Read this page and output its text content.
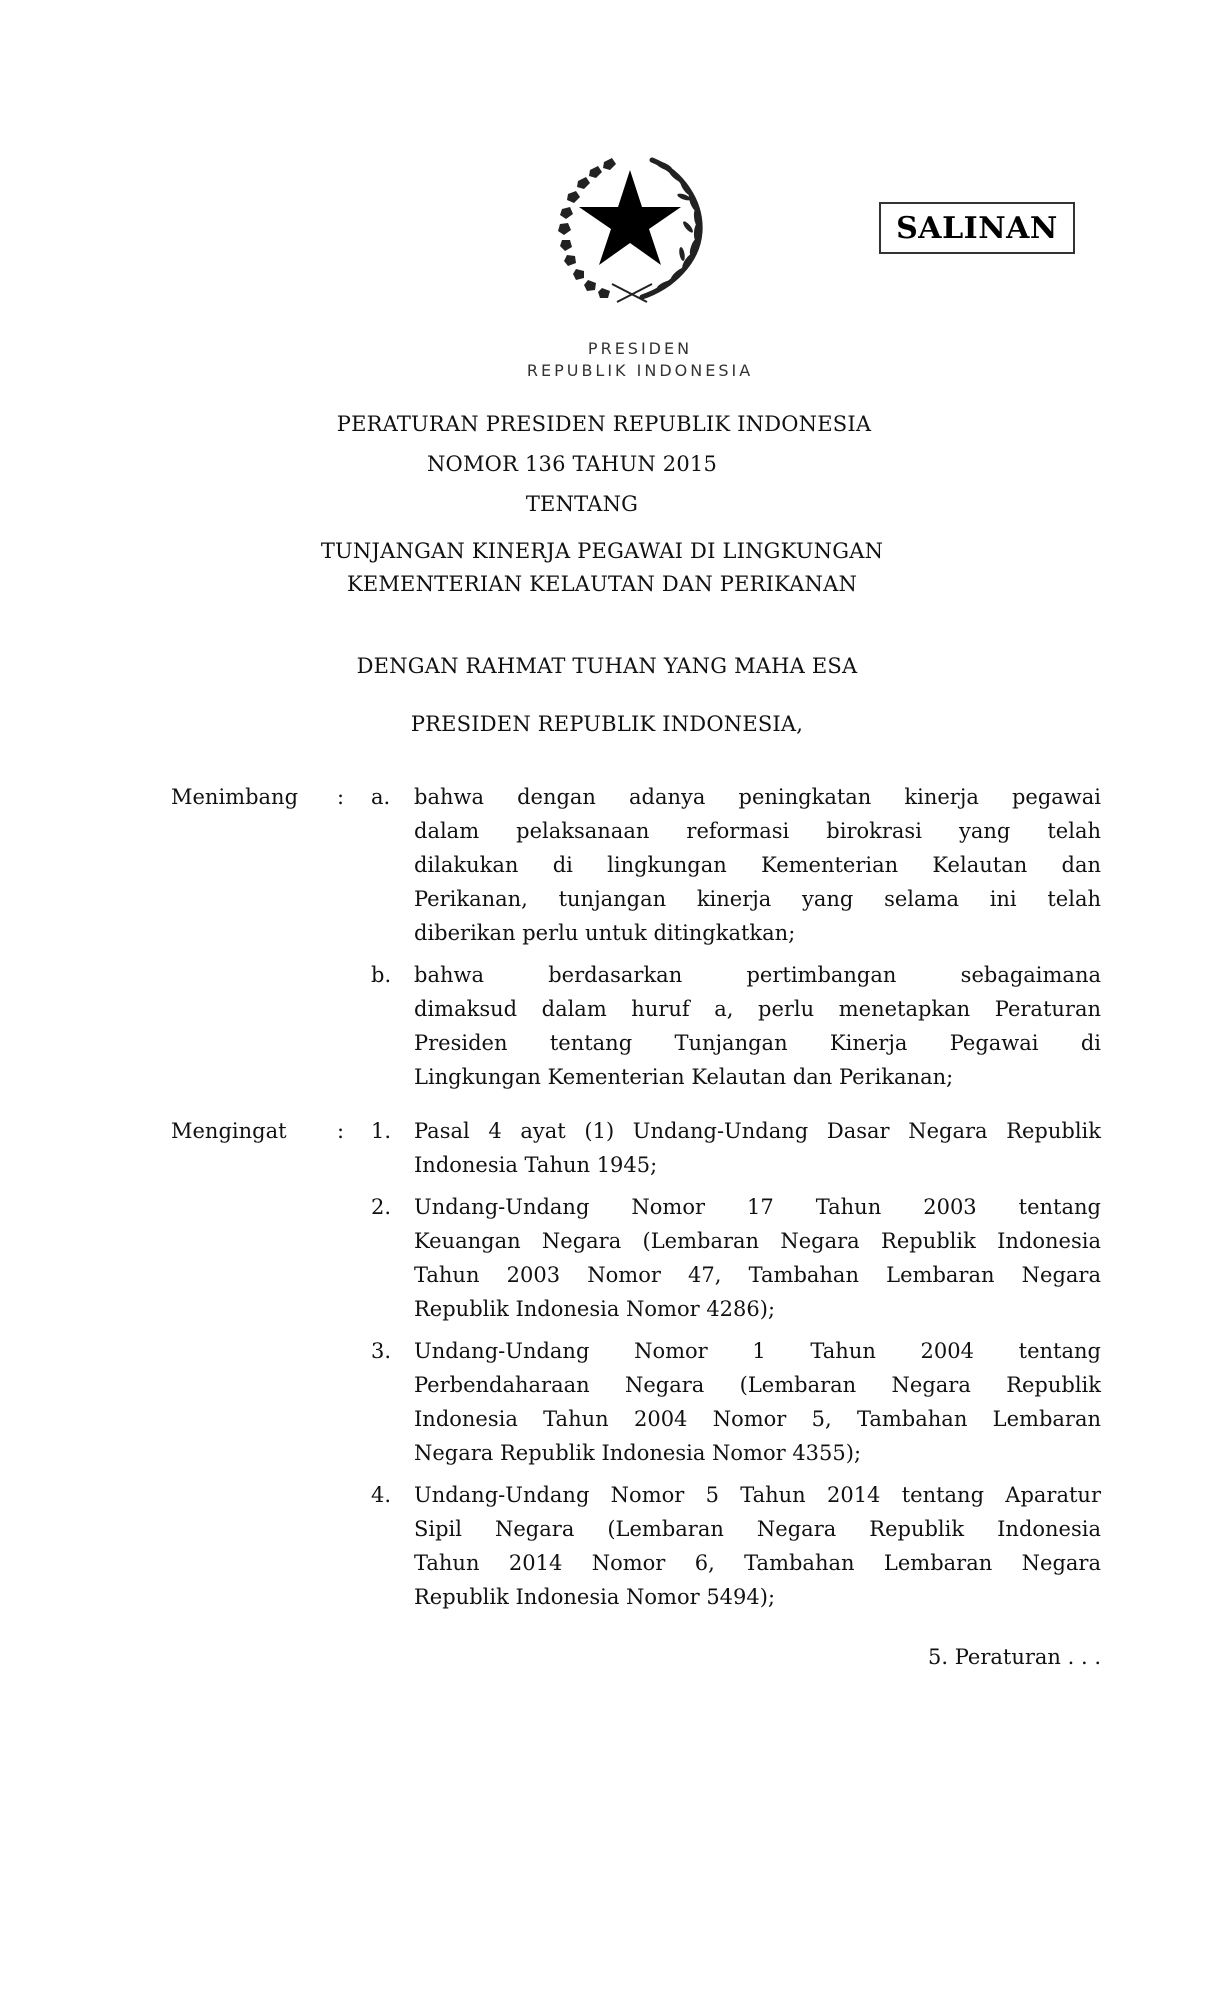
SALINAN
PRESIDEN
REPUBLIK INDONESIA
PERATURAN PRESIDEN REPUBLIK INDONESIA
NOMOR 136 TAHUN 2015
TENTANG
TUNJANGAN KINERJA PEGAWAI DI LINGKUNGAN
KEMENTERIAN KELAUTAN DAN PERIKANAN
DENGAN RAHMAT TUHAN YANG MAHA ESA
PRESIDEN REPUBLIK INDONESIA,
Menimbang : a. bahwa dengan adanya peningkatan kinerja pegawai
dalam pelaksanaan reformasi birokrasi yang telah
dilakukan di lingkungan Kementerian Kelautan dan
Perikanan, tunjangan kinerja yang selama ini telah
diberikan perlu untuk ditingkatkan;
b. bahwa berdasarkan pertimbangan sebagaimana
dimaksud dalam huruf a, perlu menetapkan Peraturan
Presiden tentang Tunjangan Kinerja Pegawai di
Lingkungan Kementerian Kelautan dan Perikanan;
Mengingat : 1. Pasal 4 ayat (1) Undang-Undang Dasar Negara Republik
Indonesia Tahun 1945;
2. Undang-Undang Nomor 17 Tahun 2003 tentang
Keuangan Negara (Lembaran Negara Republik Indonesia
Tahun 2003 Nomor 47, Tambahan Lembaran Negara
Republik Indonesia Nomor 4286);
3. Undang-Undang Nomor 1 Tahun 2004 tentang
Perbendaharaan Negara (Lembaran Negara Republik
Indonesia Tahun 2004 Nomor 5, Tambahan Lembaran
Negara Republik Indonesia Nomor 4355);
4. Undang-Undang Nomor 5 Tahun 2014 tentang Aparatur
Sipil Negara (Lembaran Negara Republik Indonesia
Tahun 2014 Nomor 6, Tambahan Lembaran Negara
Republik Indonesia Nomor 5494);
5. Peraturan . . .
